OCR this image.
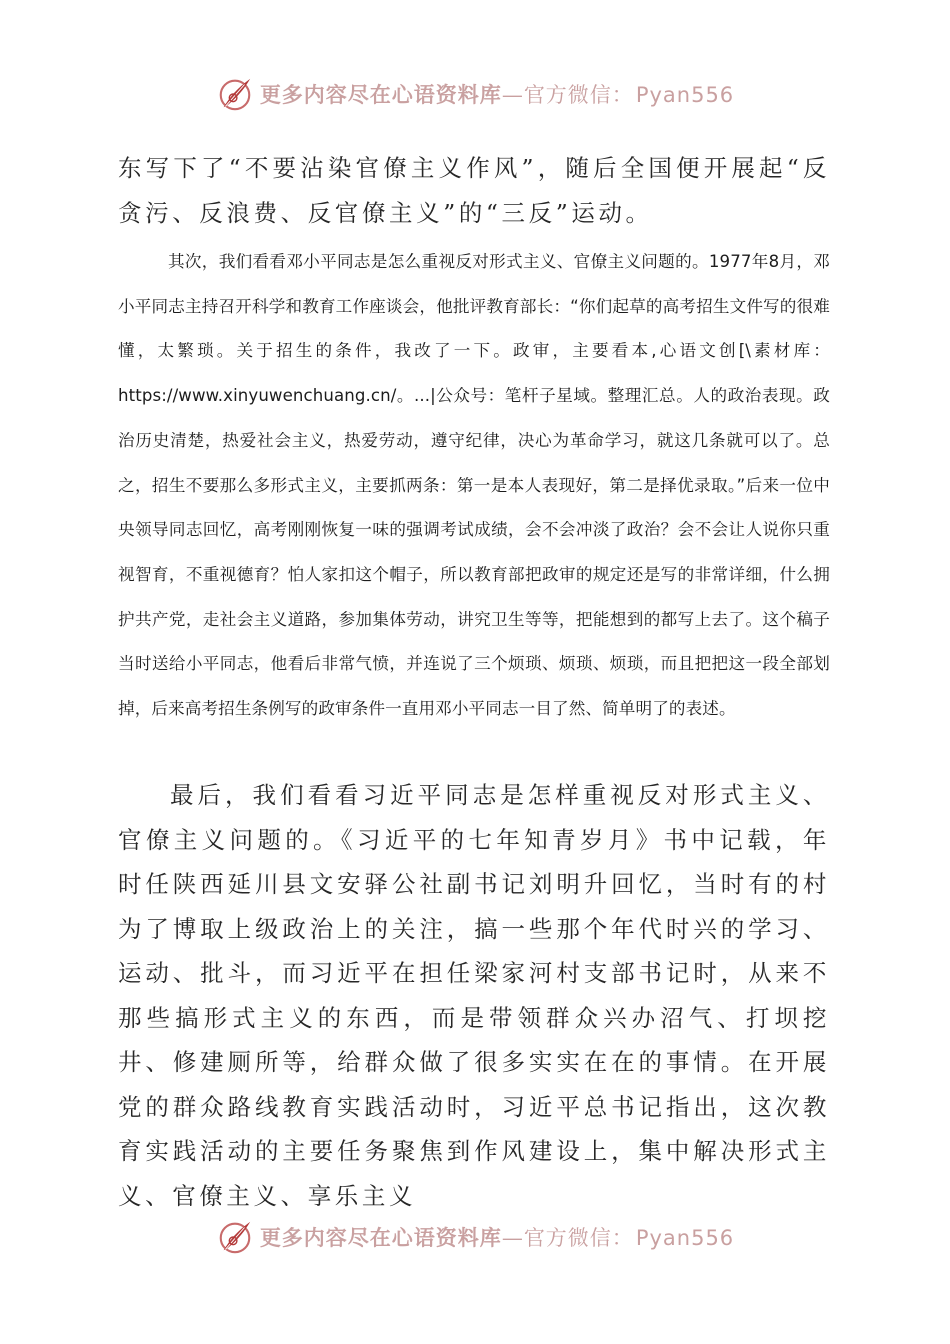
更多内容尽在心语资料库—官方微信：Pyan556

东写下了“不要沾染官僚主义作风”，随后全国便开展起“反贪污、反浪费、反官僚主义”的“三反”运动。

其次，我们看看邓小平同志是怎么重视反对形式主义、官僚主义问题的。1977年8月，邓小平同志主持召开科学和教育工作座谈会，他批评教育部长：“你们起草的高考招生文件写的很难懂，太繁琐。关于招生的条件，我改了一下。政审，主要看本,心语文创[\素材库：https://www.xinyuwenchuang.cn/。...|公众号：笔杆子星域。整理汇总。人的政治表现。政治历史清楚，热爱社会主义，热爱劳动，遵守纪律，决心为革命学习，就这几条就可以了。总之，招生不要那么多形式主义，主要抓两条：第一是本人表现好，第二是择优录取。”后来一位中央领导同志回忆，高考刚刚恢复一味的强调考试成绩，会不会冲淡了政治？会不会让人说你只重视智育，不重视德育？怕人家扣这个帽子，所以教育部把政审的规定还是写的非常详细，什么拥护共产党，走社会主义道路，参加集体劳动，讲究卫生等等，把能想到的都写上去了。这个稿子当时送给小平同志，他看后非常气愤，并连说了三个烦琐、烦琐、烦琐，而且把把这一段全部划掉，后来高考招生条例写的政审条件一直用邓小平同志一目了然、简单明了的表述。

最后，我们看看习近平同志是怎样重视反对形式主义、官僚主义问题的。《习近平的七年知青岁月》书中记载，年时任陕西延川县文安驿公社副书记刘明升回忆，当时有的村为了博取上级政治上的关注，搞一些那个年代时兴的学习、运动、批斗，而习近平在担任梁家河村支部书记时，从来不那些搞形式主义的东西，而是带领群众兴办沼气、打坝挖井、修建厕所等，给群众做了很多实实在在的事情。在开展党的群众路线教育实践活动时，习近平总书记指出，这次教育实践活动的主要任务聚焦到作风建设上，集中解决形式主义、官僚主义、享乐主义

更多内容尽在心语资料库—官方微信：Pyan556
